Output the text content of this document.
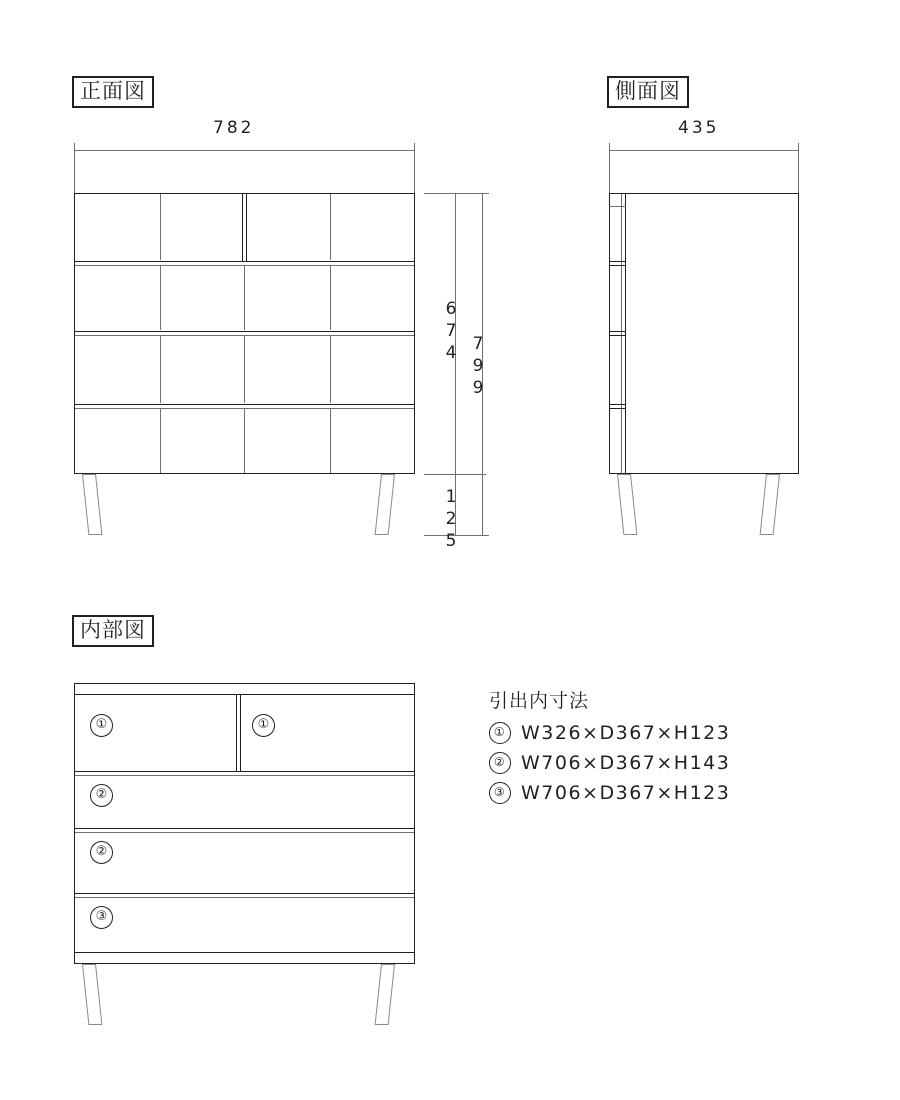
正面図
782
674
799
125
側面図
435
内部図
①	①
②
②
③
引出内寸法
① W326×D367×H123
② W706×D367×H143
③ W706×D367×H123
